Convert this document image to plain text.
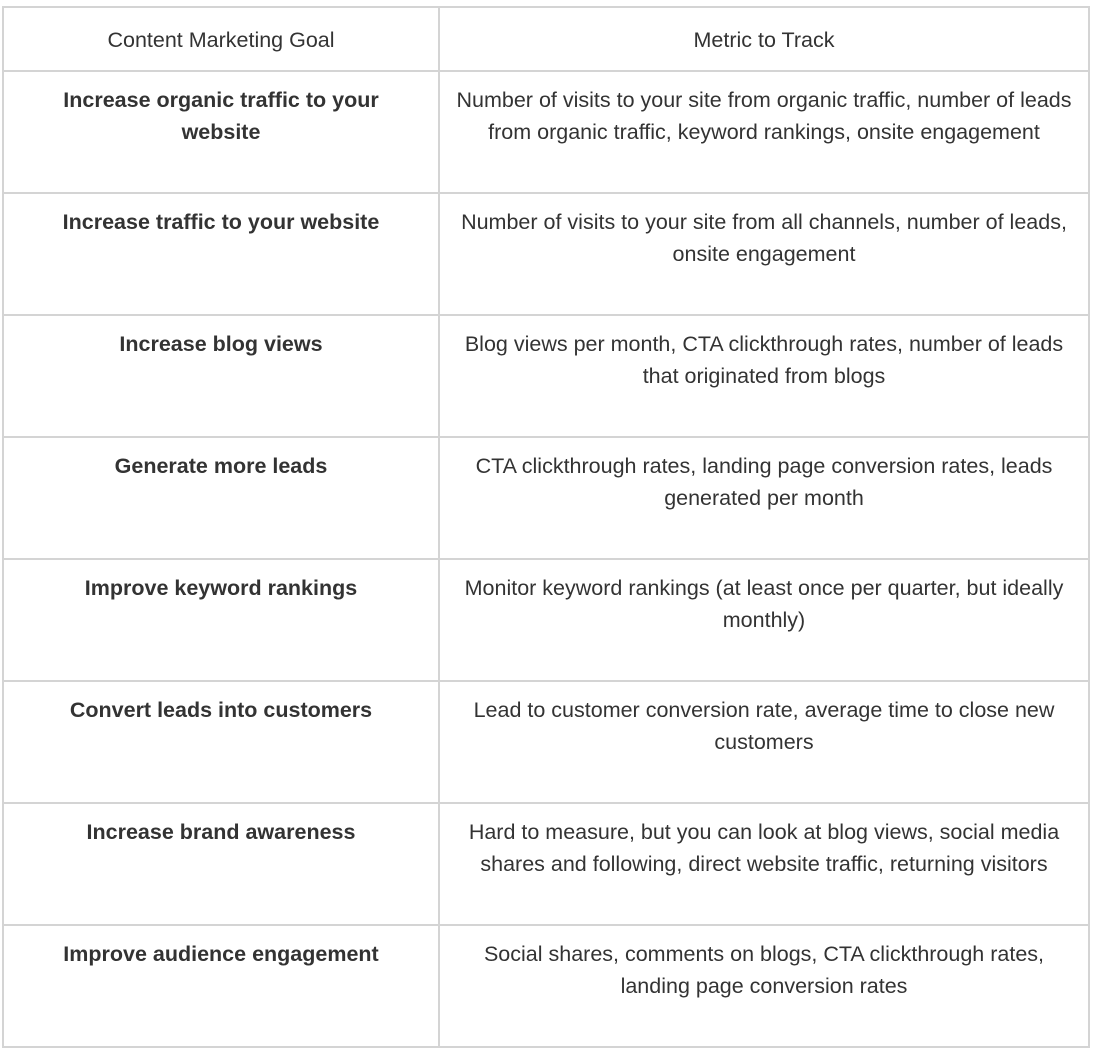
Content Marketing Goal	Metric to Track

Increase organic traffic to your website	Number of visits to your site from organic traffic, number of leads from organic traffic, keyword rankings, onsite engagement

Increase traffic to your website	Number of visits to your site from all channels, number of leads, onsite engagement

Increase blog views	Blog views per month, CTA clickthrough rates, number of leads that originated from blogs

Generate more leads	CTA clickthrough rates, landing page conversion rates, leads generated per month

Improve keyword rankings	Monitor keyword rankings (at least once per quarter, but ideally monthly)

Convert leads into customers	Lead to customer conversion rate, average time to close new customers

Increase brand awareness	Hard to measure, but you can look at blog views, social media shares and following, direct website traffic, returning visitors

Improve audience engagement	Social shares, comments on blogs, CTA clickthrough rates, landing page conversion rates
